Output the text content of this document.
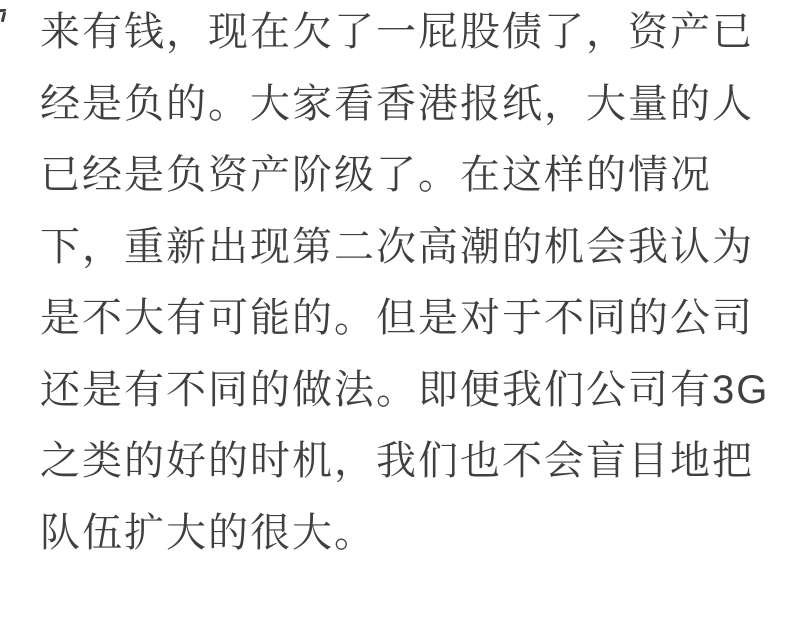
来有钱，现在欠了一屁股债了，资产已
经是负的。大家看香港报纸，大量的人
已经是负资产阶级了。在这样的情况
下，重新出现第二次高潮的机会我认为
是不大有可能的。但是对于不同的公司
还是有不同的做法。即便我们公司有3G
之类的好的时机，我们也不会盲目地把
队伍扩大的很大。
